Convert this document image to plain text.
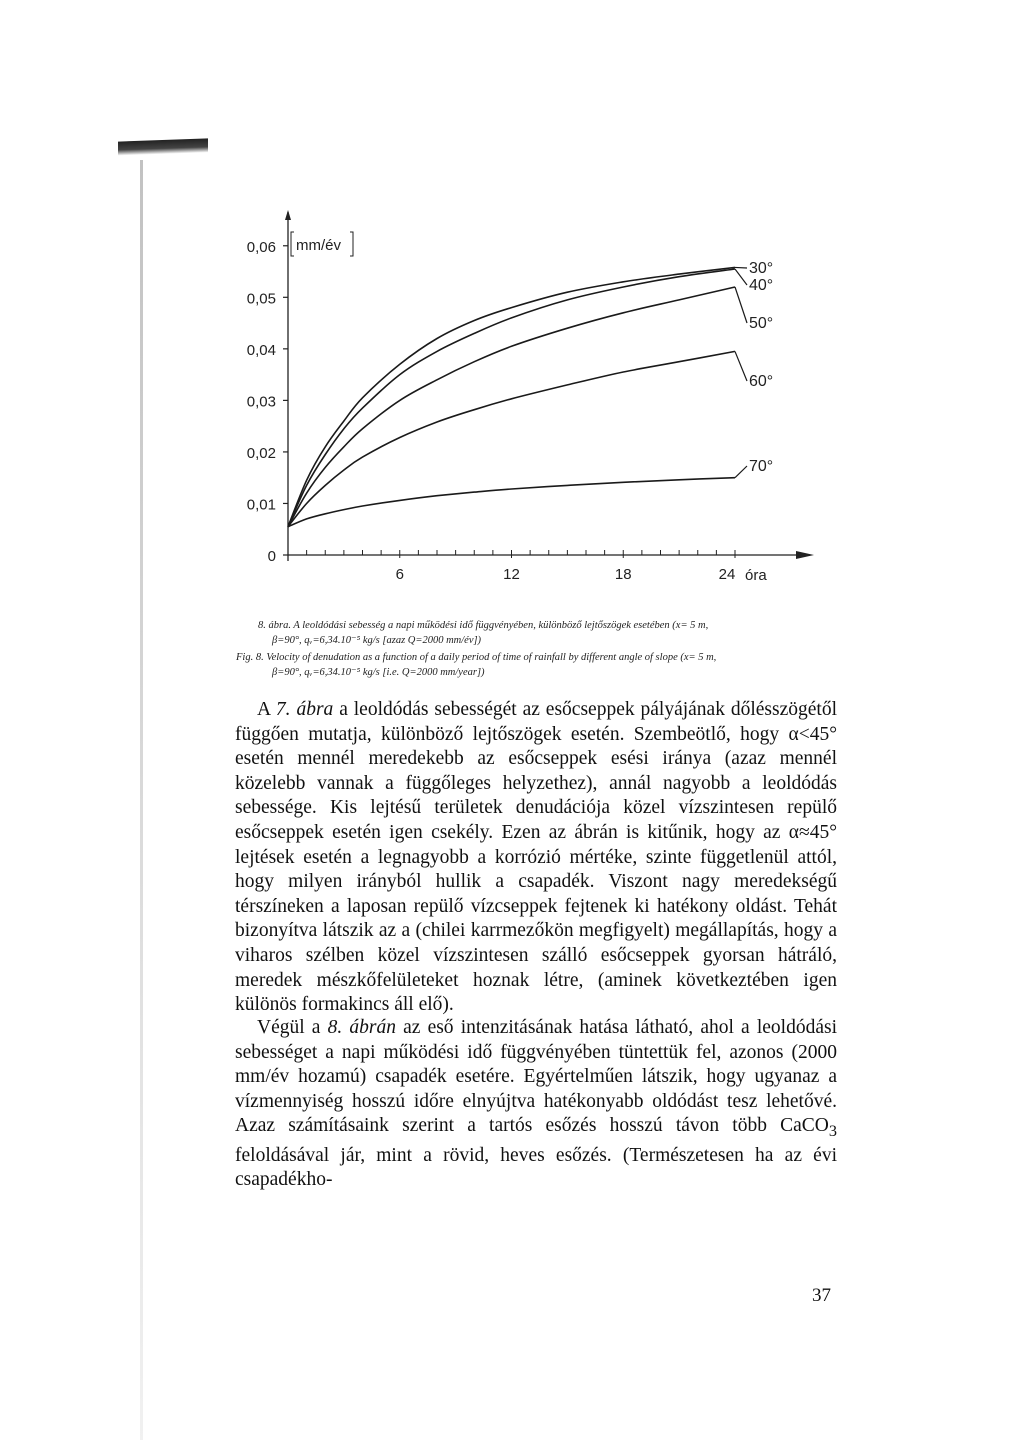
0
0,01
0,02
0,03
0,04
0,05
0,06
6	12	18	24 óra
mm/év
30°
40°
50°
60°
70°
8. ábra. A leoldódási sebesség a napi működési idő függvényében, különböző lejtőszögek esetében (x= 5 m,
β=90°, qᵥ=6,34.10⁻⁵ kg/s [azaz Q=2000 mm/év])
Fig. 8. Velocity of denudation as a function of a daily period of time of rainfall by different angle of slope (x= 5 m,
β=90°, qᵥ=6,34.10⁻⁵ kg/s [i.e. Q=2000 mm/year])
A 7. ábra a leoldódás sebességét az esőcseppek pályájának dőlésszögétől függően mutatja, különböző lejtőszögek esetén. Szembeötlő, hogy α<45° esetén mennél meredekebb az esőcseppek esési iránya (azaz mennél közelebb vannak a függőleges helyzethez), annál nagyobb a leoldódás sebessége. Kis lejtésű területek denudációja közel vízszintesen repülő esőcseppek esetén igen csekély. Ezen az ábrán is kitűnik, hogy az α≈45° lejtések esetén a legnagyobb a korrózió mértéke, szinte függetlenül attól, hogy milyen irányból hullik a csapadék. Viszont nagy meredekségű térszíneken a laposan repülő vízcseppek fejtenek ki hatékony oldást. Tehát bizonyítva látszik az a (chilei karrmezőkön megfigyelt) megállapítás, hogy a viharos szélben közel vízszintesen szálló esőcseppek gyorsan hátráló, meredek mészkőfelületeket hoznak létre, (aminek következtében igen különös formakincs áll elő).
Végül a 8. ábrán az eső intenzitásának hatása látható, ahol a leoldódási sebességet a napi működési idő függvényében tüntettük fel, azonos (2000 mm/év hozamú) csapadék esetére. Egyértelműen látszik, hogy ugyanaz a vízmennyiség hosszú időre elnyújtva hatékonyabb oldódást tesz lehetővé. Azaz számításaink szerint a tartós esőzés hosszú távon több CaCO$_3$ feloldásával jár, mint a rövid, heves esőzés. (Természetesen ha az évi csapadékho-
37
